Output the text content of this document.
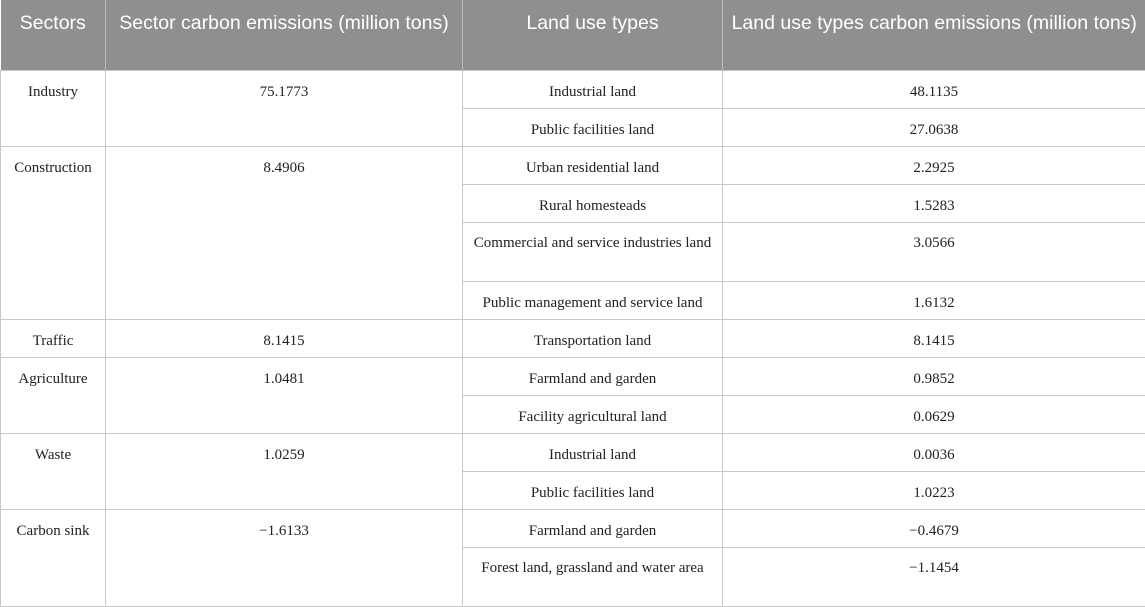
Sectors	Sector carbon emissions (million tons)	Land use types	Land use types carbon emissions (million tons)
Industry	75.1773	Industrial land	48.1135
		Public facilities land	27.0638
Construction	8.4906	Urban residential land	2.2925
		Rural homesteads	1.5283
		Commercial and service industries land	3.0566
		Public management and service land	1.6132
Traffic	8.1415	Transportation land	8.1415
Agriculture	1.0481	Farmland and garden	0.9852
		Facility agricultural land	0.0629
Waste	1.0259	Industrial land	0.0036
		Public facilities land	1.0223
Carbon sink	−1.6133	Farmland and garden	−0.4679
		Forest land, grassland and water area	−1.1454
